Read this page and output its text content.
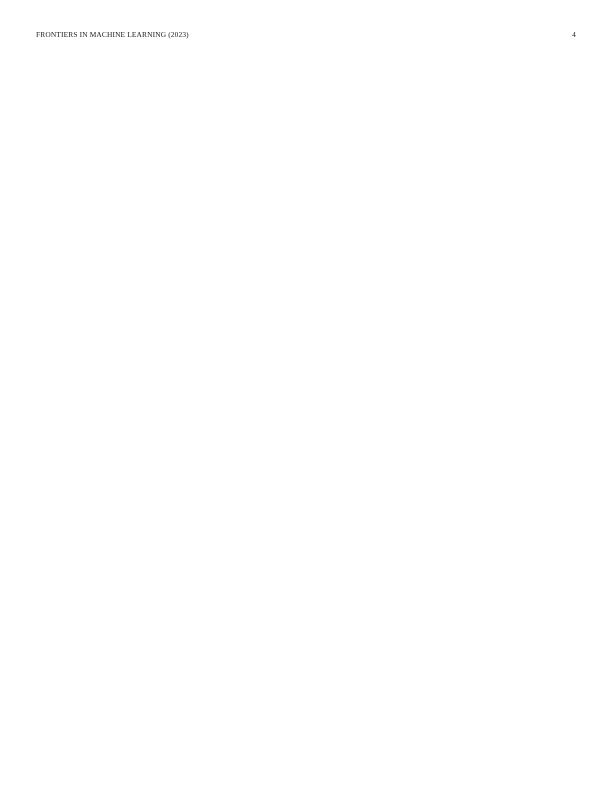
FRONTIERS IN MACHINE LEARNING (2023)	4
